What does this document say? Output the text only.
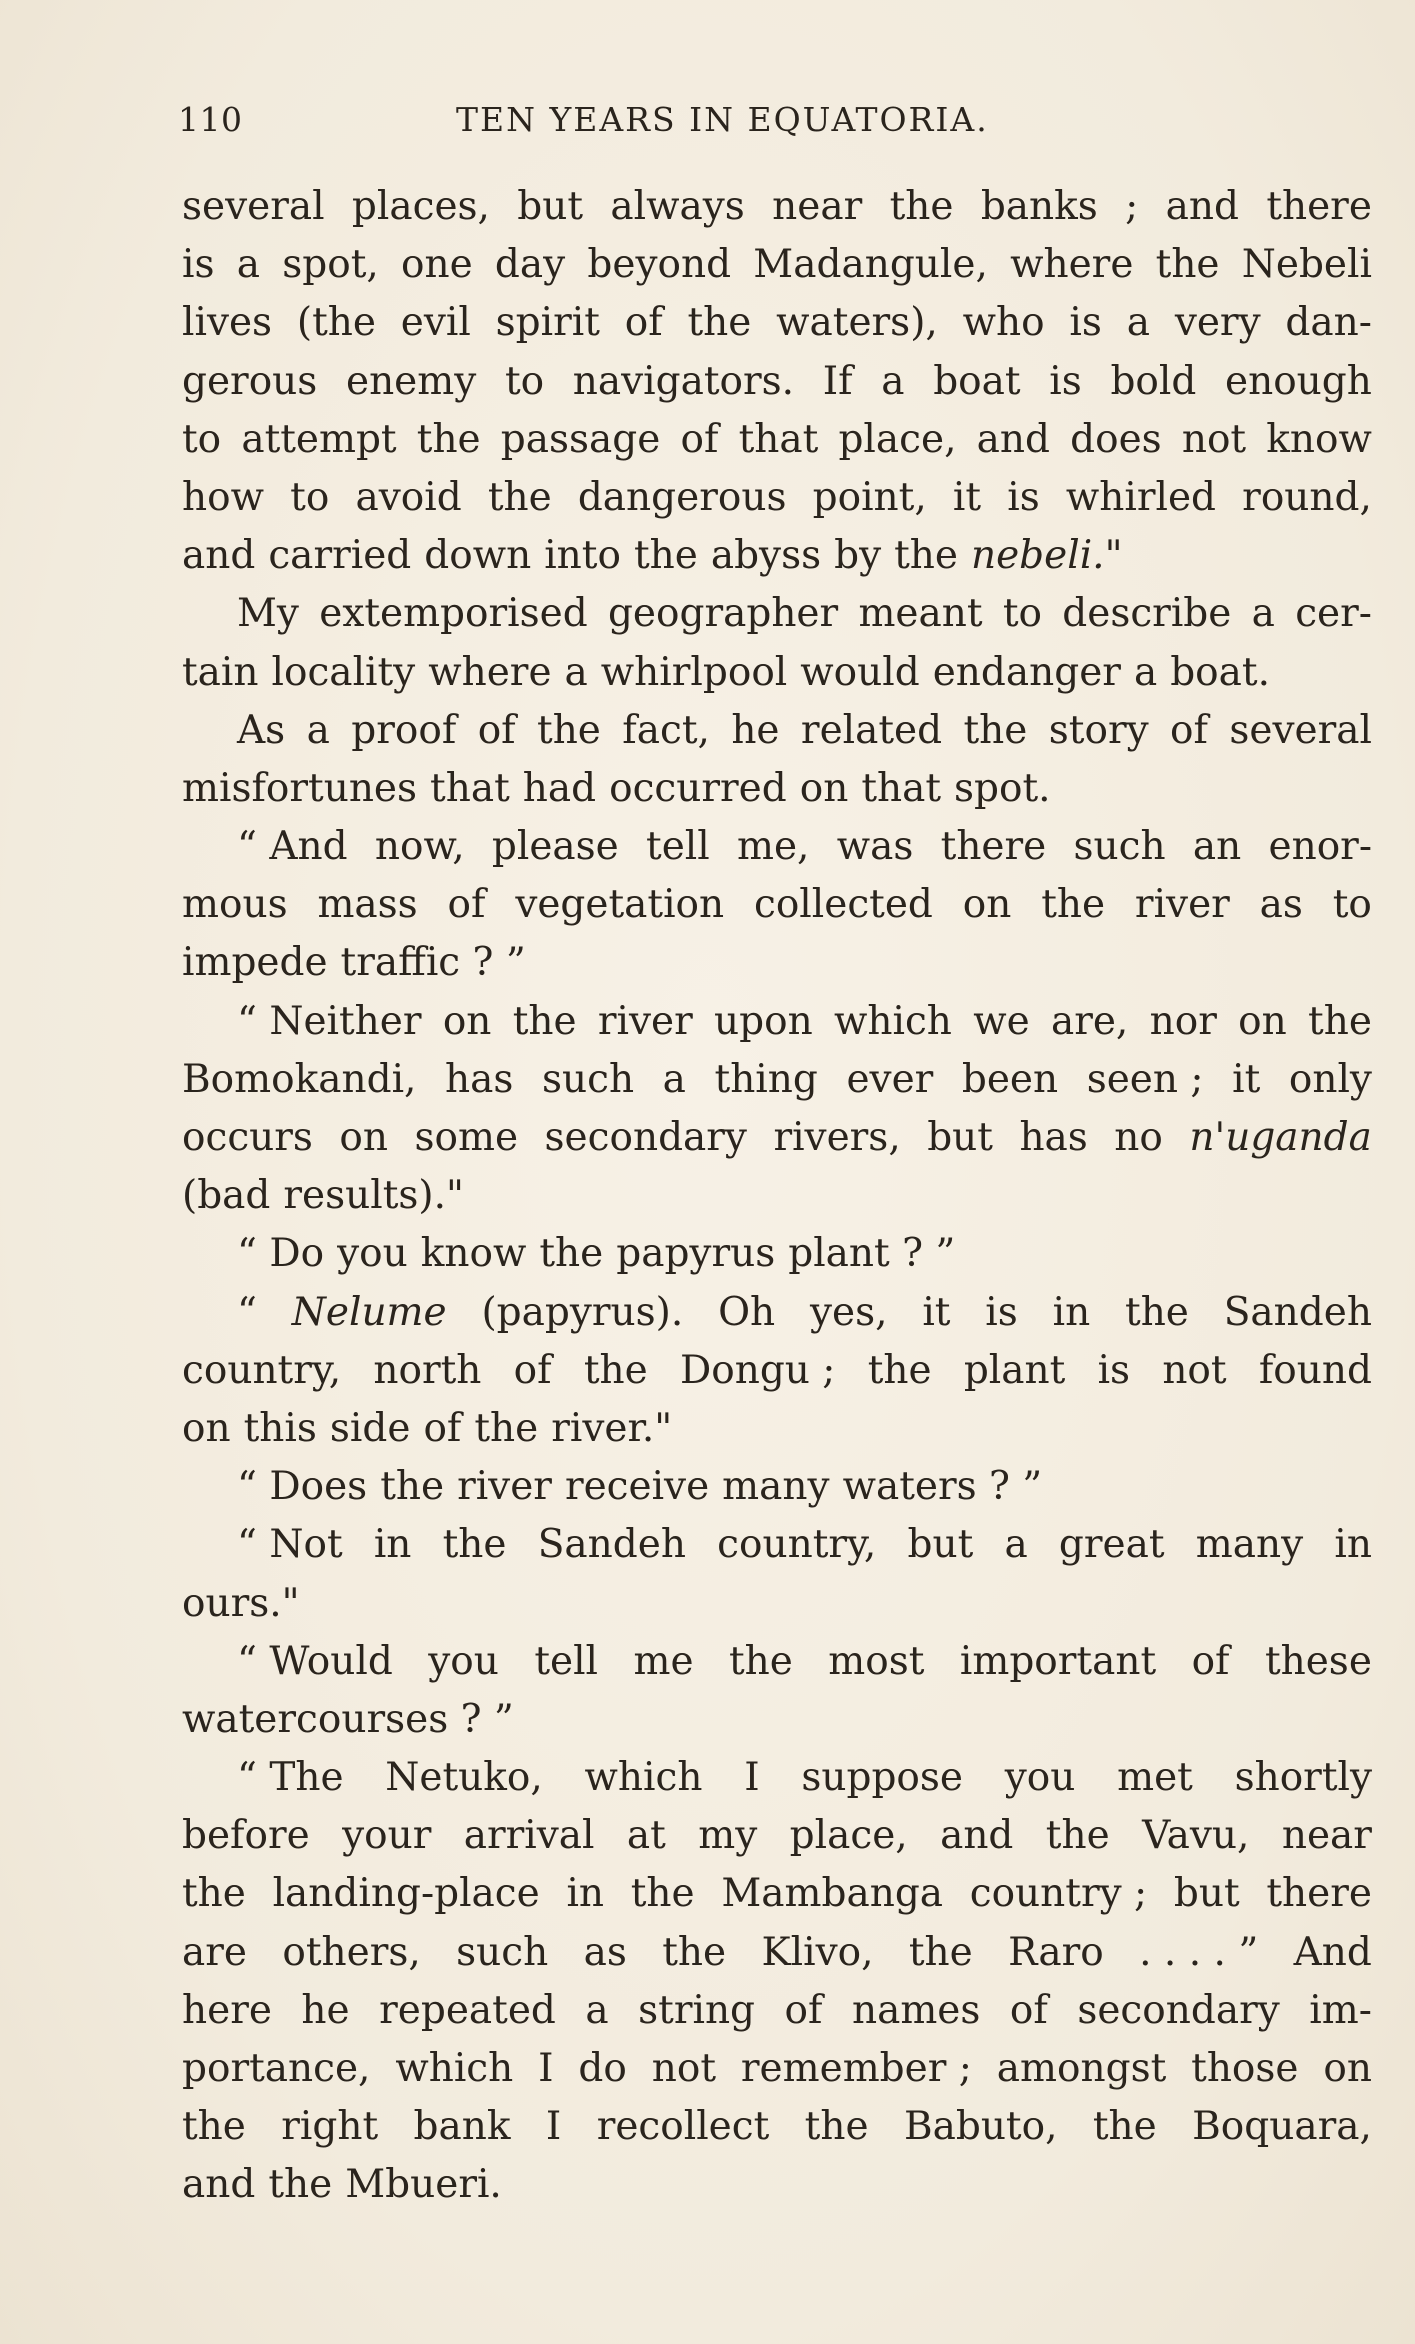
110	TEN YEARS IN EQUATORIA.
several places, but always near the banks ; and there
is a spot, one day beyond Madangule, where the Nebeli
lives (the evil spirit of the waters), who is a very dan-
gerous enemy to navigators. If a boat is bold enough
to attempt the passage of that place, and does not know
how to avoid the dangerous point, it is whirled round,
and carried down into the abyss by the nebeli."
My extemporised geographer meant to describe a cer-
tain locality where a whirlpool would endanger a boat.
As a proof of the fact, he related the story of several
misfortunes that had occurred on that spot.
“ And now, please tell me, was there such an enor-
mous mass of vegetation collected on the river as to
impede traffic ? ”
“ Neither on the river upon which we are, nor on the
Bomokandi, has such a thing ever been seen ; it only
occurs on some secondary rivers, but has no n'uganda
(bad results)."
“ Do you know the papyrus plant ? ”
“ Nelume (papyrus). Oh yes, it is in the Sandeh
country, north of the Dongu ; the plant is not found
on this side of the river."
“ Does the river receive many waters ? ”
“ Not in the Sandeh country, but a great many in
ours."
“ Would you tell me the most important of these
watercourses ? ”
“ The Netuko, which I suppose you met shortly
before your arrival at my place, and the Vavu, near
the landing-place in the Mambanga country ; but there
are others, such as the Klivo, the Raro . . . . ” And
here he repeated a string of names of secondary im-
portance, which I do not remember ; amongst those on
the right bank I recollect the Babuto, the Boquara,
and the Mbueri.
